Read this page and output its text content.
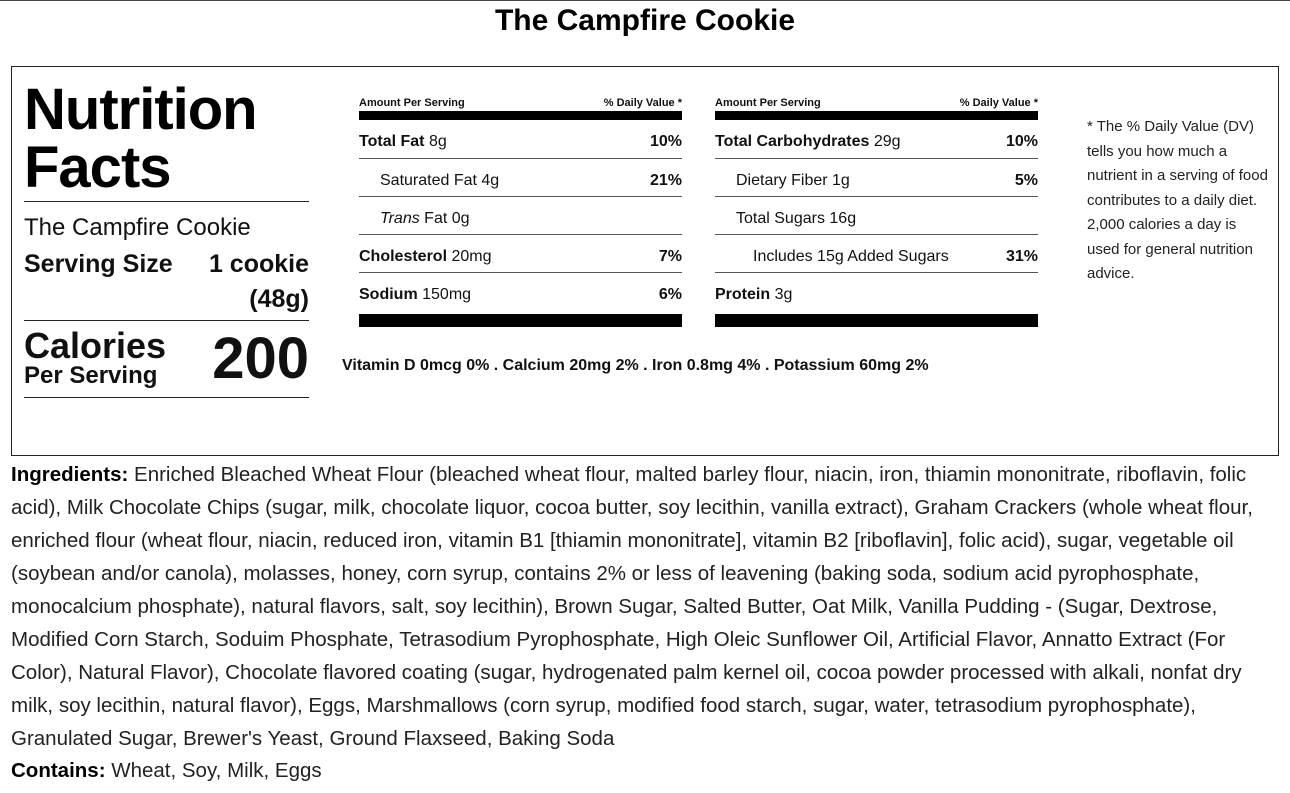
The Campfire Cookie
Nutrition
Facts
The Campfire Cookie
Serving Size 1 cookie
(48g)
Calories
Per Serving 200
Amount Per Serving	% Daily Value *
Total Fat 8g	10%
Saturated Fat 4g	21%
Trans Fat 0g
Cholesterol 20mg	7%
Sodium 150mg	6%
Amount Per Serving	% Daily Value *
Total Carbohydrates 29g	10%
Dietary Fiber 1g	5%
Total Sugars 16g
Includes 15g Added Sugars	31%
Protein 3g
Vitamin D 0mcg 0% . Calcium 20mg 2% . Iron 0.8mg 4% . Potassium 60mg 2%
* The % Daily Value (DV) tells you how much a nutrient in a serving of food contributes to a daily diet. 2,000 calories a day is used for general nutrition advice.
Ingredients: Enriched Bleached Wheat Flour (bleached wheat flour, malted barley flour, niacin, iron, thiamin mononitrate, riboflavin, folic acid), Milk Chocolate Chips (sugar, milk, chocolate liquor, cocoa butter, soy lecithin, vanilla extract), Graham Crackers (whole wheat flour, enriched flour (wheat flour, niacin, reduced iron, vitamin B1 [thiamin mononitrate], vitamin B2 [riboflavin], folic acid), sugar, vegetable oil (soybean and/or canola), molasses, honey, corn syrup, contains 2% or less of leavening (baking soda, sodium acid pyrophosphate, monocalcium phosphate), natural flavors, salt, soy lecithin), Brown Sugar, Salted Butter, Oat Milk, Vanilla Pudding - (Sugar, Dextrose, Modified Corn Starch, Soduim Phosphate, Tetrasodium Pyrophosphate, High Oleic Sunflower Oil, Artificial Flavor, Annatto Extract (For Color), Natural Flavor), Chocolate flavored coating (sugar, hydrogenated palm kernel oil, cocoa powder processed with alkali, nonfat dry milk, soy lecithin, natural flavor), Eggs, Marshmallows (corn syrup, modified food starch, sugar, water, tetrasodium pyrophosphate), Granulated Sugar, Brewer's Yeast, Ground Flaxseed, Baking Soda
Contains: Wheat, Soy, Milk, Eggs
